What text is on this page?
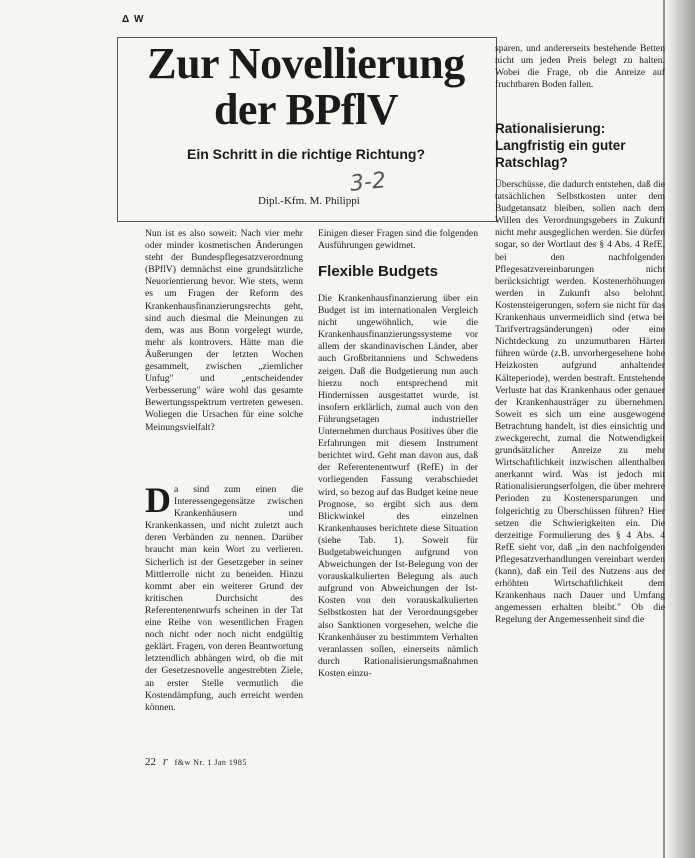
Δ W
Zur Novellierung
der BPflV
Ein Schritt in die richtige Richtung?
3-2
Dipl.-Kfm. M. Philippi

Nun ist es also soweit: Nach vier mehr oder minder kosmetischen Änderungen steht der Bundespflegesatzverordnung (BPflV) demnächst eine grundsätzliche Neuorientierung bevor. Wie stets, wenn es um Fragen der Reform des Krankenhausfinanzierungsrechts geht, sind auch diesmal die Meinungen zu dem, was aus Bonn vorgelegt wurde, mehr als kontrovers. Hätte man die Äußerungen der letzten Wochen gesammelt, zwischen „ziemlicher Unfug" und „entscheidender Verbesserung" wäre wohl das gesamte Bewertungsspektrum vertreten gewesen. Woliegen die Ursachen für eine solche Meinungsvielfalt?

D a sind zum einen die Interessengegensätze zwischen Krankenhäusern und Krankenkassen, und nicht zuletzt auch deren Verbänden zu nennen. Darüber braucht man kein Wort zu verlieren. Sicherlich ist der Gesetzgeber in seiner Mittlerrolle nicht zu beneiden. Hinzu kommt aber ein weiterer Grund der kritischen Durchsicht des Referentenentwurfs scheinen in der Tat eine Reihe von wesentlichen Fragen noch nicht oder noch nicht endgültig geklärt. Fragen, von deren Beantwortung letztendlich abhängen wird, ob die mit der Gesetzesnovelle angestrebten Ziele, an erster Stelle vermutlich die Kostendämpfung, auch erreicht werden können.

Einigen dieser Fragen sind die folgenden Ausführungen gewidmet.

Flexible Budgets

Die Krankenhausfinanzierung über ein Budget ist im internationalen Vergleich nicht ungewöhnlich, wie die Krankenhausfinanzierungssysteme vor allem der skandinavischen Länder, aber auch Großbritanniens und Schwedens zeigen. Daß die Budgetierung nun auch hierzu noch entsprechend mit Hindernissen ausgestattet wurde, ist insofern erklärlich, zumal auch von den Führungsetagen industrieller Unternehmen durchaus Positives über die Erfahrungen mit diesem Instrument berichtet wird. Geht man davon aus, daß der Referentenentwurf (RefE) in der vorliegenden Fassung verabschiedet wird, so bezog auf das Budget keine neue Prognose, so ergibt sich aus dem Blickwinkel des einzelnen Krankenhauses berichtete diese Situation (siehe Tab. 1). Soweit für Budgetabweichungen aufgrund von Abweichungen der Ist-Belegung von der vorauskalkulierten Belegung als auch aufgrund von Abweichungen der Ist-Kosten von den vorauskalkulierten Selbstkosten hat der Verordnungsgeber also Sanktionen vorgesehen, welche die Krankenhäuser zu bestimmtem Verhalten veranlassen sollen, einerseits nämlich durch Rationalisierungsmaßnahmen Kosten einzu-

sparen, und andererseits bestehende Betten nicht um jeden Preis belegt zu halten. Wobei die Frage, ob die Anreize auf fruchtbaren Boden fallen.

Rationalisierung: Langfristig ein guter Ratschlag?

Überschüsse, die dadurch entstehen, daß die tatsächlichen Selbstkosten unter dem Budgetansatz bleiben, sollen nach dem Willen des Verordnungsgebers in Zukunft nicht mehr ausgeglichen werden. Sie dürfen sogar, so der Wortlaut des § 4 Abs. 4 RefE, bei den nachfolgenden Pflegesatzvereinbarungen nicht berücksichtigt werden. Kostenerhöhungen werden in Zukunft also belohnt. Kostensteigerungen, sofern sie nicht für das Krankenhaus unvermeidlich sind (etwa bei Tarifvertragsänderungen) oder eine Nichtdeckung zu unzumutbaren Härten führen würde (z.B. unvorhergesehene hohe Heizkosten aufgrund anhaltender Kälteperiode), werden bestraft. Entstehende Verluste hat das Krankenhaus oder genauer der Krankenhausträger zu übernehmen. Soweit es sich um eine ausgewogene Betrachtung handelt, ist dies einsichtig und zweckgerecht, zumal die Notwendigkeit grundsätzlicher Anreize zu mehr Wirtschaftlichkeit inzwischen allenthalben anerkannt wird. Was ist jedoch mit Rationalisierungserfolgen, die über mehrere Perioden zu Kostenersparungen und folgerichtig zu Überschüssen führen? Hier setzen die Schwierigkeiten ein. Die derzeitige Formulierung des § 4 Abs. 4 RefE sieht vor, daß „in den nachfolgenden Pflegesatzverhandlungen vereinbart werden (kann), daß ein Teil des Nutzens aus der erhöhten Wirtschaftlichkeit dem Krankenhaus nach Dauer und Umfang angemessen erhalten bleibt." Ob die Regelung der Angemessenheit sind die

22 r f&w Nr. 1 Jan 1985
